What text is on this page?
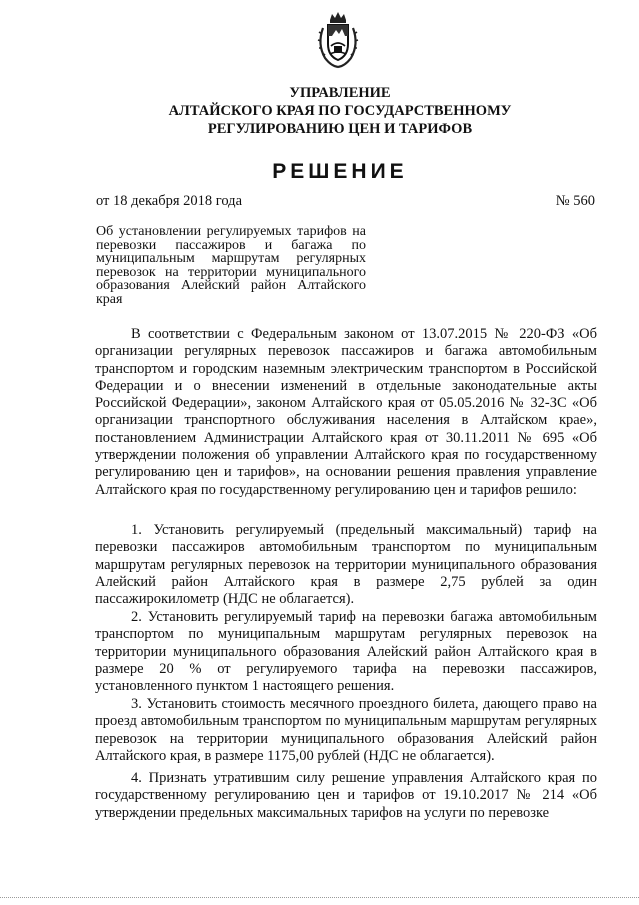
УПРАВЛЕНИЕ
АЛТАЙСКОГО КРАЯ ПО ГОСУДАРСТВЕННОМУ
РЕГУЛИРОВАНИЮ ЦЕН И ТАРИФОВ
РЕШЕНИЕ
от 18 декабря 2018 года	№ 560
Об установлении регулируемых тарифов на перевозки пассажиров и багажа по муниципальным маршрутам регулярных перевозок на территории муниципального образования Алейский район Алтайского края

В соответствии с Федеральным законом от 13.07.2015 № 220-ФЗ «Об организации регулярных перевозок пассажиров и багажа автомобильным транспортом и городским наземным электрическим транспортом в Российской Федерации и о внесении изменений в отдельные законодательные акты Российской Федерации», законом Алтайского края от 05.05.2016 № 32-ЗС «Об организации транспортного обслуживания населения в Алтайском крае», постановлением Администрации Алтайского края от 30.11.2011 № 695 «Об утверждении положения об управлении Алтайского края по государственному регулированию цен и тарифов», на основании решения правления управление Алтайского края по государственному регулированию цен и тарифов решило:

1. Установить регулируемый (предельный максимальный) тариф на перевозки пассажиров автомобильным транспортом по муниципальным маршрутам регулярных перевозок на территории муниципального образования Алейский район Алтайского края в размере 2,75 рублей за один пассажирокилометр (НДС не облагается).

2. Установить регулируемый тариф на перевозки багажа автомобильным транспортом по муниципальным маршрутам регулярных перевозок на территории муниципального образования Алейский район Алтайского края в размере 20 % от регулируемого тарифа на перевозки пассажиров, установленного пунктом 1 настоящего решения.

3. Установить стоимость месячного проездного билета, дающего право на проезд автомобильным транспортом по муниципальным маршрутам регулярных перевозок на территории муниципального образования Алейский район Алтайского края, в размере 1175,00 рублей (НДС не облагается).

4. Признать утратившим силу решение управления Алтайского края по государственному регулированию цен и тарифов от 19.10.2017 № 214 «Об утверждении предельных максимальных тарифов на услуги по перевозке
